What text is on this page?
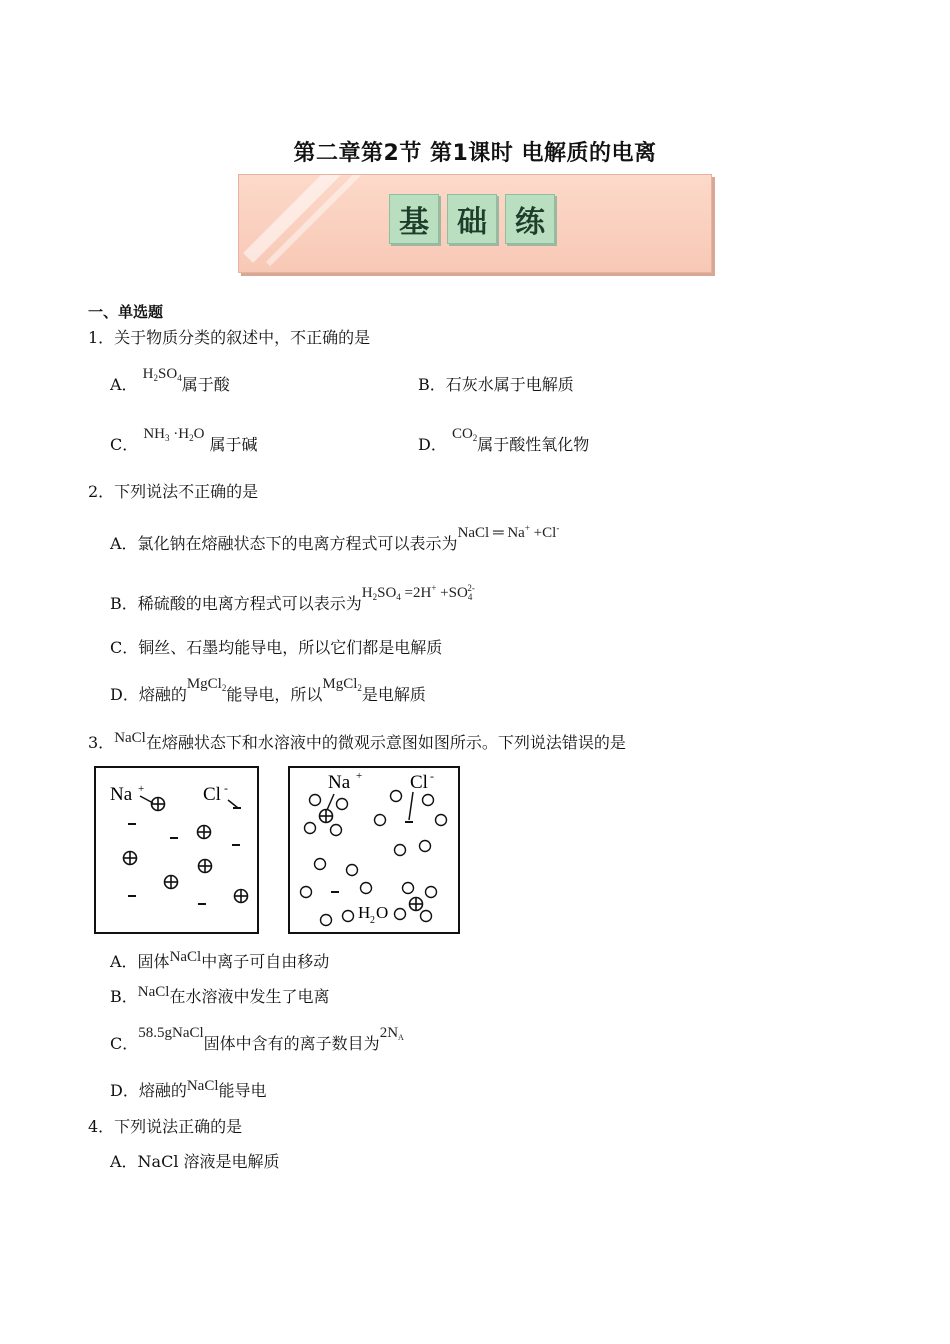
第二章第2节 第1课时 电解质的电离
基 础 练
一、单选题
1．关于物质分类的叙述中，不正确的是
A． $H_2SO_4$属于酸	B．石灰水属于电解质
C． $NH_3 \cdot H_2O$ 属于碱	D． $CO_2$属于酸性氧化物
2．下列说法不正确的是
A．氯化钠在熔融状态下的电离方程式可以表示为NaCl ═ Na+ +Cl-
B．稀硫酸的电离方程式可以表示为$H_2SO_4 =2H^+ +SO_4^{2-}$
C．铜丝、石墨均能导电，所以它们都是电解质
D．熔融的MgCl$_2$能导电，所以MgCl$_2$是电解质
3．NaCl在熔融状态下和水溶液中的微观示意图如图所示。下列说法错误的是
Na +	Cl -	Na +	Cl -
H 2 O
A．固体NaCl中离子可自由移动
B．NaCl在水溶液中发生了电离
C．58.5gNaCl固体中含有的离子数目为$2N_A$
D．熔融的NaCl能导电
4．下列说法正确的是
A．NaCl 溶液是电解质
